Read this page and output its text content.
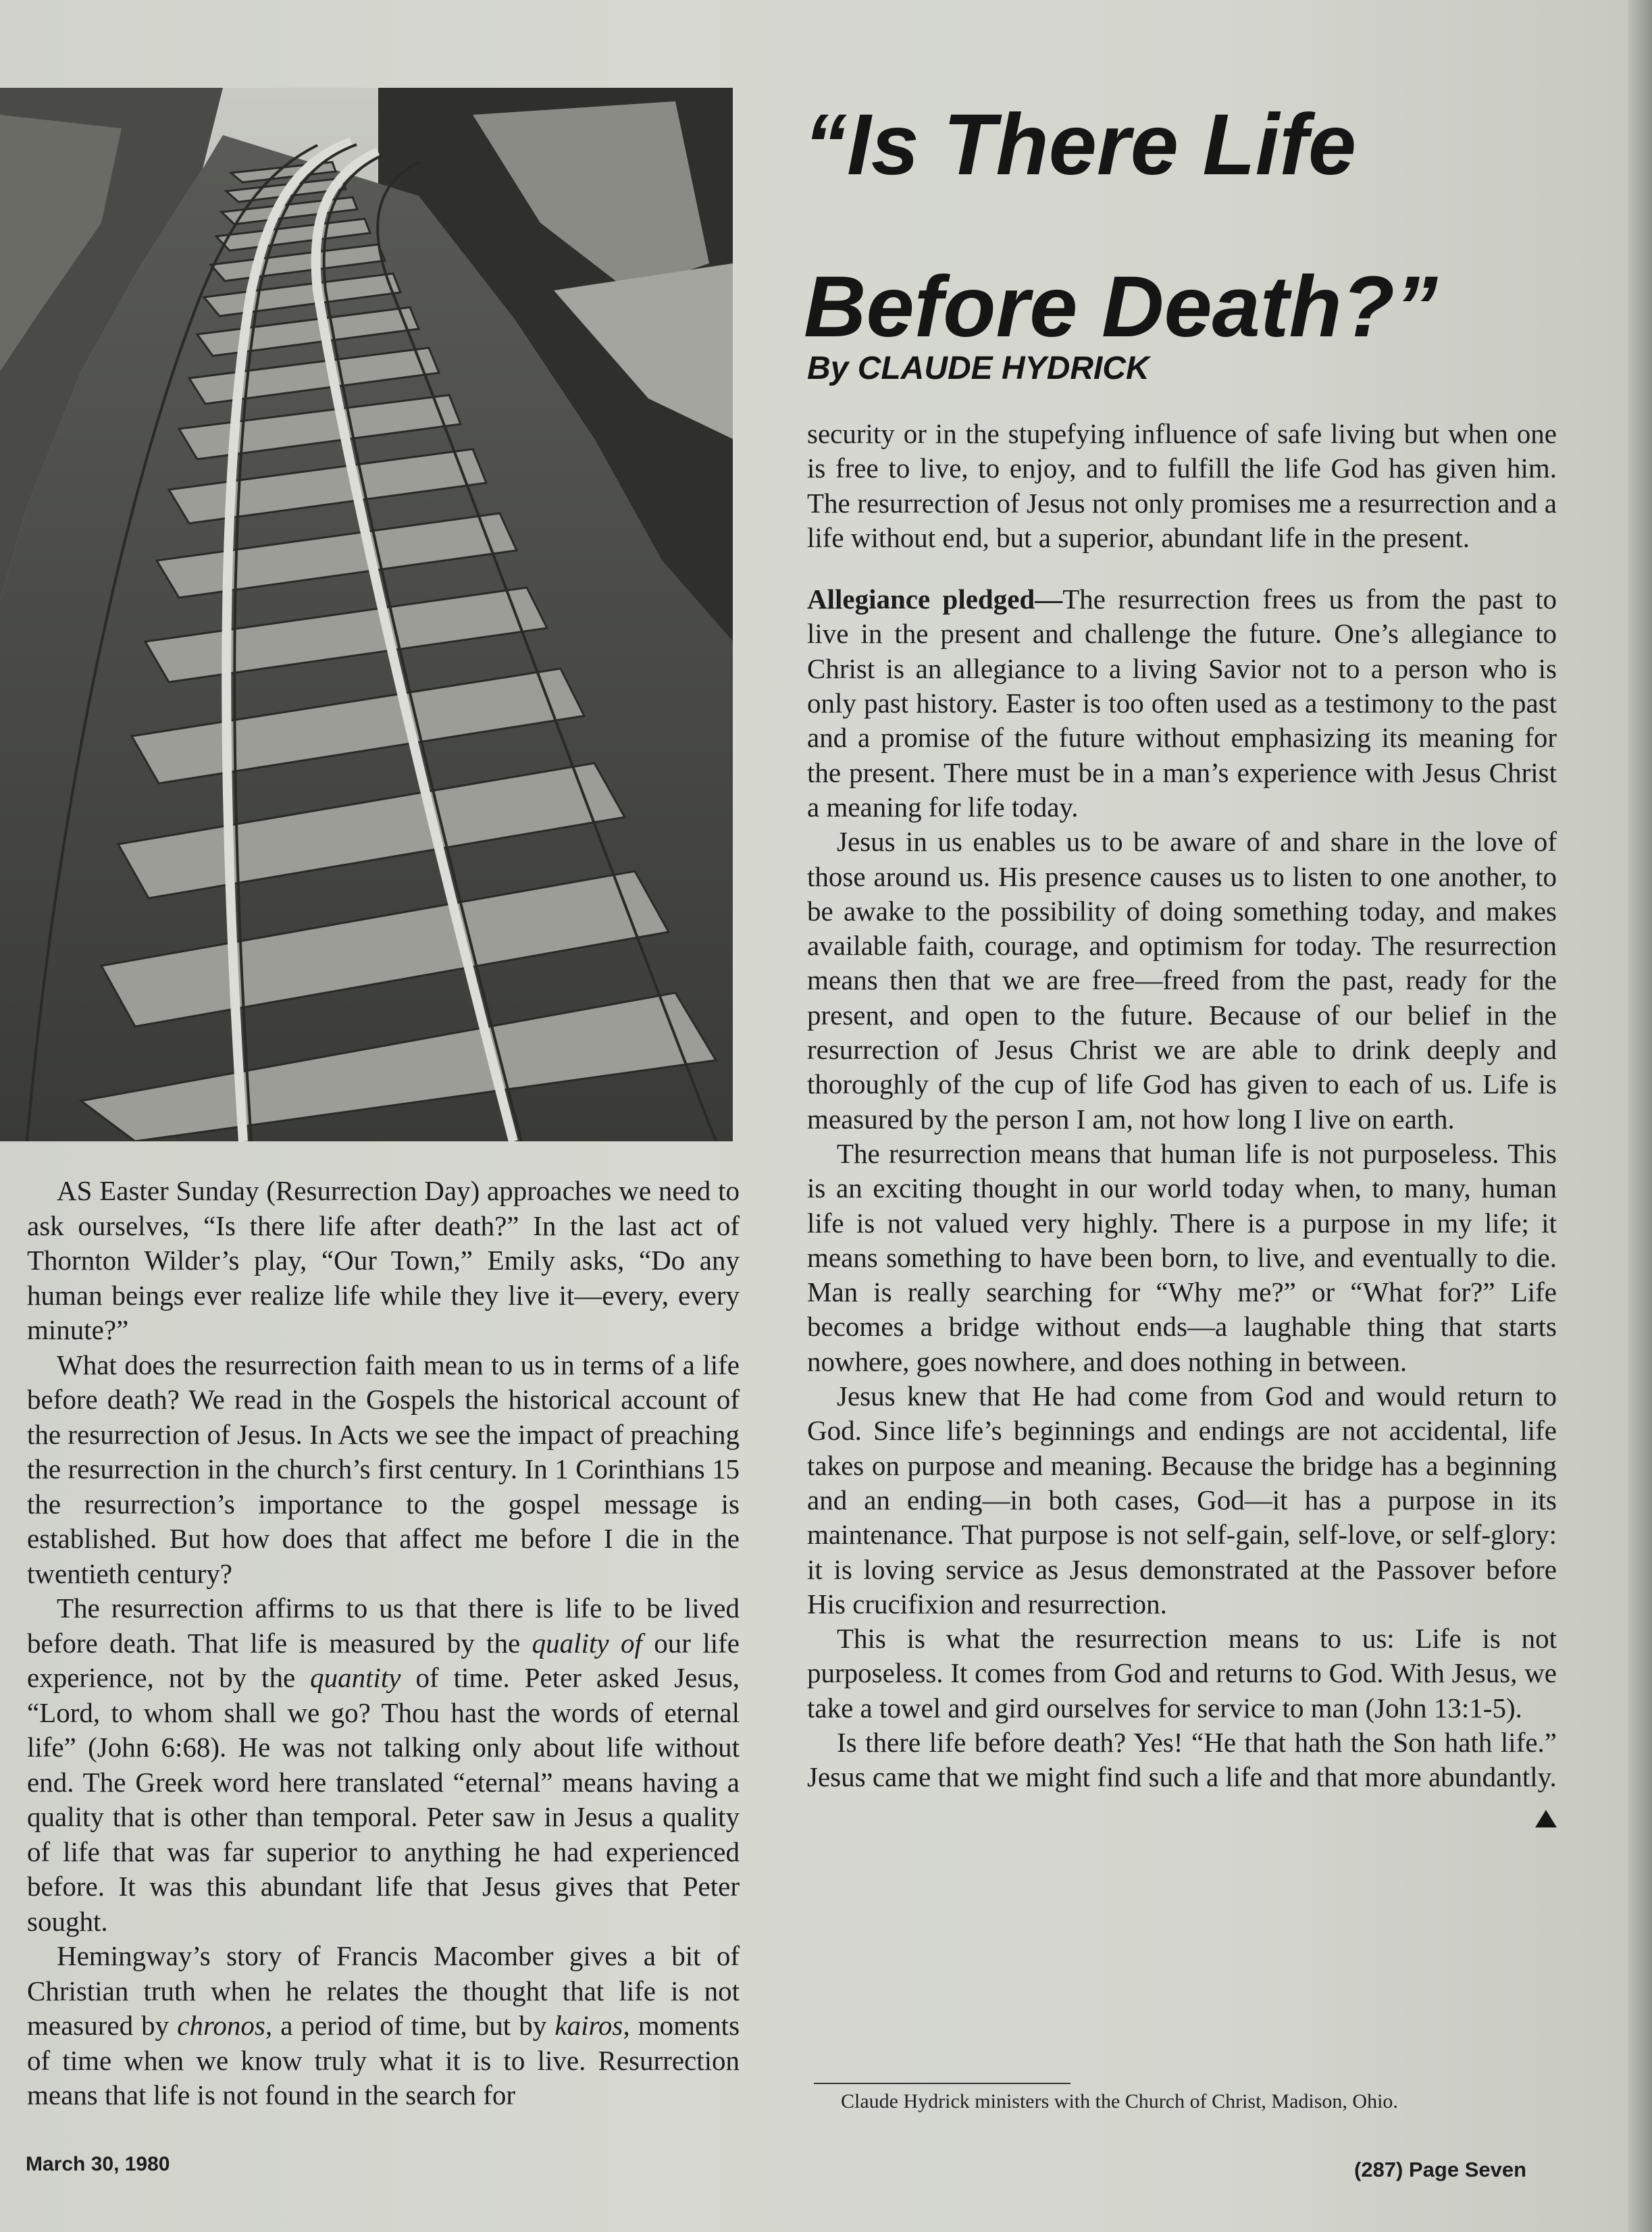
“Is There Life
Before Death?”
By CLAUDE HYDRICK

AS Easter Sunday (Resurrection Day) approaches we need to ask ourselves, “Is there life after death?” In the last act of Thornton Wilder’s play, “Our Town,” Emily asks, “Do any human beings ever realize life while they live it—every, every minute?”

What does the resurrection faith mean to us in terms of a life before death? We read in the Gospels the historical account of the resurrection of Jesus. In Acts we see the impact of preaching the resurrection in the church’s first century. In 1 Corinthians 15 the resurrection’s importance to the gospel message is established. But how does that affect me before I die in the twentieth century?

The resurrection affirms to us that there is life to be lived before death. That life is measured by the quality of our life experience, not by the quantity of time. Peter asked Jesus, “Lord, to whom shall we go? Thou hast the words of eternal life” (John 6:68). He was not talking only about life without end. The Greek word here translated “eternal” means having a quality that is other than temporal. Peter saw in Jesus a quality of life that was far superior to anything he had experienced before. It was this abundant life that Jesus gives that Peter sought.

Hemingway’s story of Francis Macomber gives a bit of Christian truth when he relates the thought that life is not measured by chronos, a period of time, but by kairos, moments of time when we know truly what it is to live. Resurrection means that life is not found in the search for

security or in the stupefying influence of safe living but when one is free to live, to enjoy, and to fulfill the life God has given him. The resurrection of Jesus not only promises me a resurrection and a life without end, but a superior, abundant life in the present.

Allegiance pledged—The resurrection frees us from the past to live in the present and challenge the future. One’s allegiance to Christ is an allegiance to a living Savior not to a person who is only past history. Easter is too often used as a testimony to the past and a promise of the future without emphasizing its meaning for the present. There must be in a man’s experience with Jesus Christ a meaning for life today.

Jesus in us enables us to be aware of and share in the love of those around us. His presence causes us to listen to one another, to be awake to the possibility of doing something today, and makes available faith, courage, and optimism for today. The resurrection means then that we are free—freed from the past, ready for the present, and open to the future. Because of our belief in the resurrection of Jesus Christ we are able to drink deeply and thoroughly of the cup of life God has given to each of us. Life is measured by the person I am, not how long I live on earth.

The resurrection means that human life is not purposeless. This is an exciting thought in our world today when, to many, human life is not valued very highly. There is a purpose in my life; it means something to have been born, to live, and eventually to die. Man is really searching for “Why me?” or “What for?” Life becomes a bridge without ends—a laughable thing that starts nowhere, goes nowhere, and does nothing in between.

Jesus knew that He had come from God and would return to God. Since life’s beginnings and endings are not accidental, life takes on purpose and meaning. Because the bridge has a beginning and an ending—in both cases, God—it has a purpose in its maintenance. That purpose is not self-gain, self-love, or self-glory: it is loving service as Jesus demonstrated at the Passover before His crucifixion and resurrection.

This is what the resurrection means to us: Life is not purposeless. It comes from God and returns to God. With Jesus, we take a towel and gird ourselves for service to man (John 13:1-5).

Is there life before death? Yes! “He that hath the Son hath life.” Jesus came that we might find such a life and that more abundantly.

Claude Hydrick ministers with the Church of Christ, Madison, Ohio.
March 30, 1980	(287) Page Seven
